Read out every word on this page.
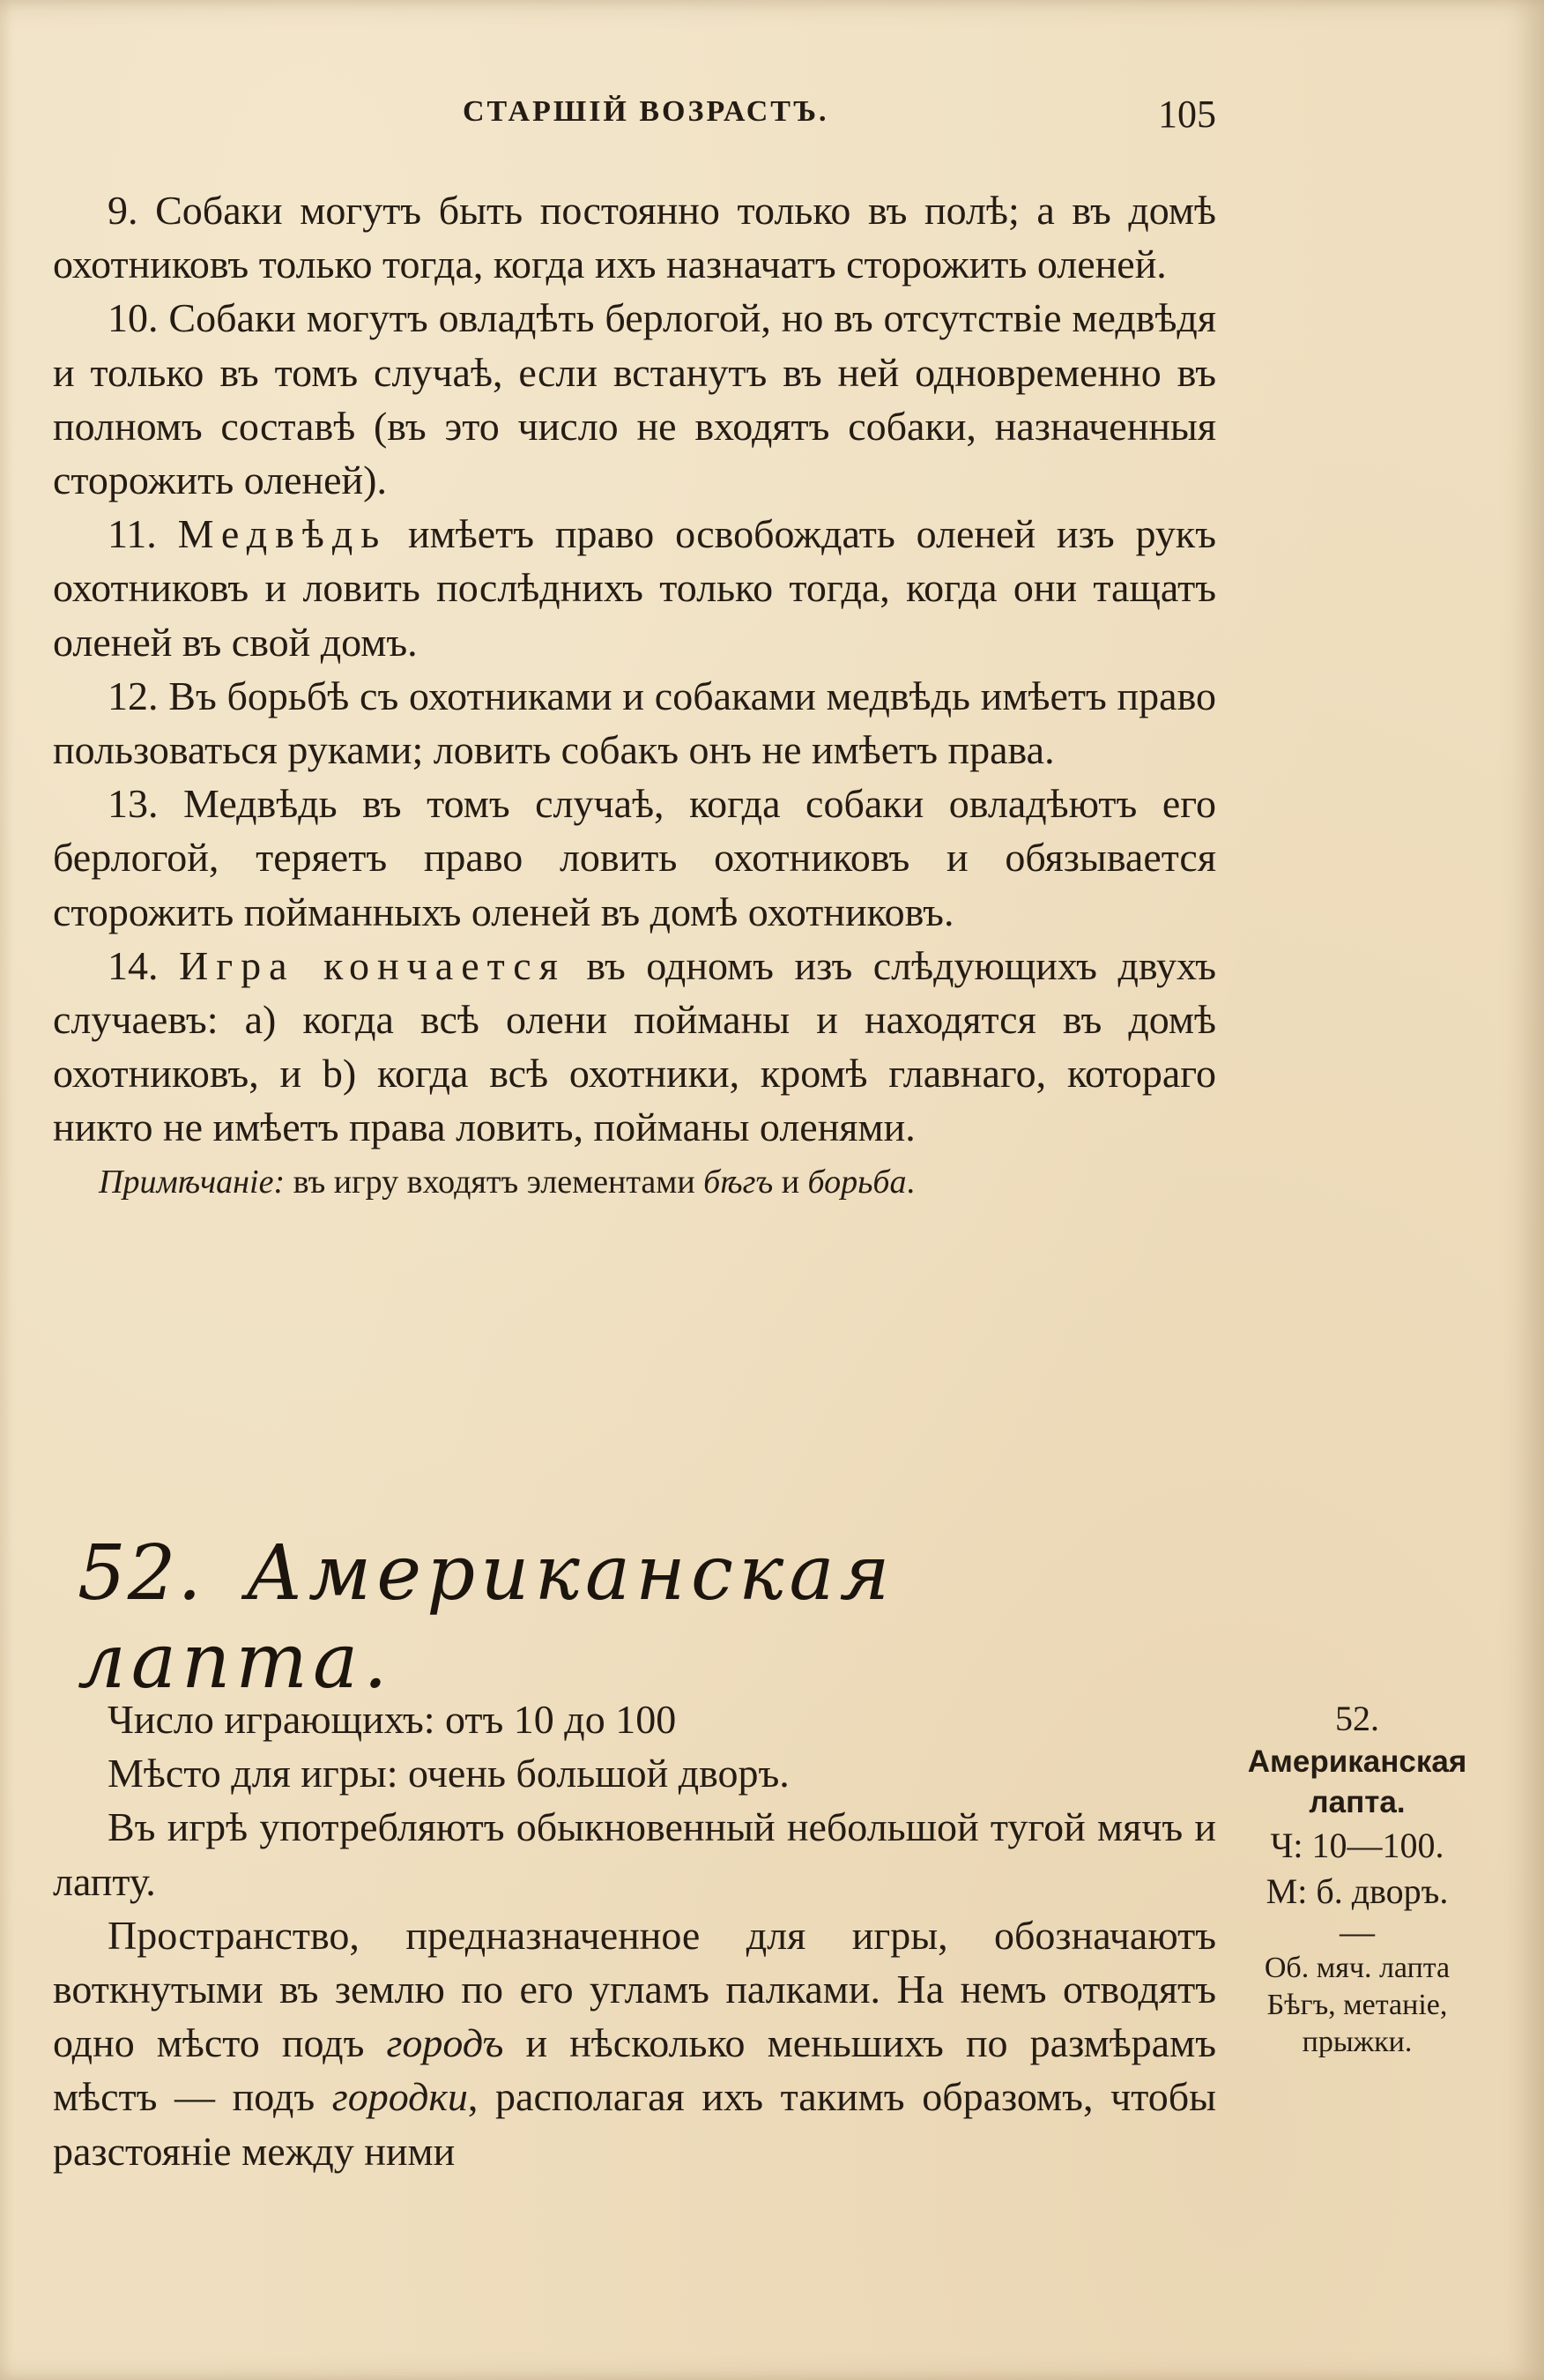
СТАРШІЙ ВОЗРАСТЪ.	105

9. Собаки могутъ быть постоянно только въ полѣ; а въ домѣ охотниковъ только тогда, когда ихъ назначатъ сторожить оленей.

10. Собаки могутъ овладѣть берлогой, но въ отсутствіе медвѣдя и только въ томъ случаѣ, если встанутъ въ ней одновременно въ полномъ составѣ (въ это число не входятъ собаки, назначенныя сторожить оленей).

11. Медвѣдь имѣетъ право освобождать оленей изъ рукъ охотниковъ и ловить послѣднихъ только тогда, когда они тащатъ оленей въ свой домъ.

12. Въ борьбѣ съ охотниками и собаками медвѣдь имѣетъ право пользоваться руками; ловить собакъ онъ не имѣетъ права.

13. Медвѣдь въ томъ случаѣ, когда собаки овладѣютъ его берлогой, теряетъ право ловить охотниковъ и обязывается сторожить пойманныхъ оленей въ домѣ охотниковъ.

14. Игра кончается въ одномъ изъ слѣдующихъ двухъ случаевъ: a) когда всѣ олени пойманы и находятся въ домѣ охотниковъ, и b) когда всѣ охотники, кромѣ главнаго, котораго никто не имѣетъ права ловить, пойманы оленями.

Примѣчаніе: въ игру входятъ элементами бѣгъ и борьба.

52. Американская лапта.

Число играющихъ: отъ 10 до 100

Мѣсто для игры: очень большой дворъ.

Въ игрѣ употребляютъ обыкновенный небольшой тугой мячъ и лапту.

Пространство, предназначенное для игры, обозначаютъ воткнутыми въ землю по его угламъ палками. На немъ отводятъ одно мѣсто подъ городъ и нѣсколько меньшихъ по размѣрамъ мѣстъ — подъ городки, располагая ихъ такимъ образомъ, чтобы разстояніе между ними

52.
Американская
лапта.
Ч: 10—100.
М: б. дворъ.
—
Об. мяч. лапта
Бѣгъ, метаніе,
прыжки.
